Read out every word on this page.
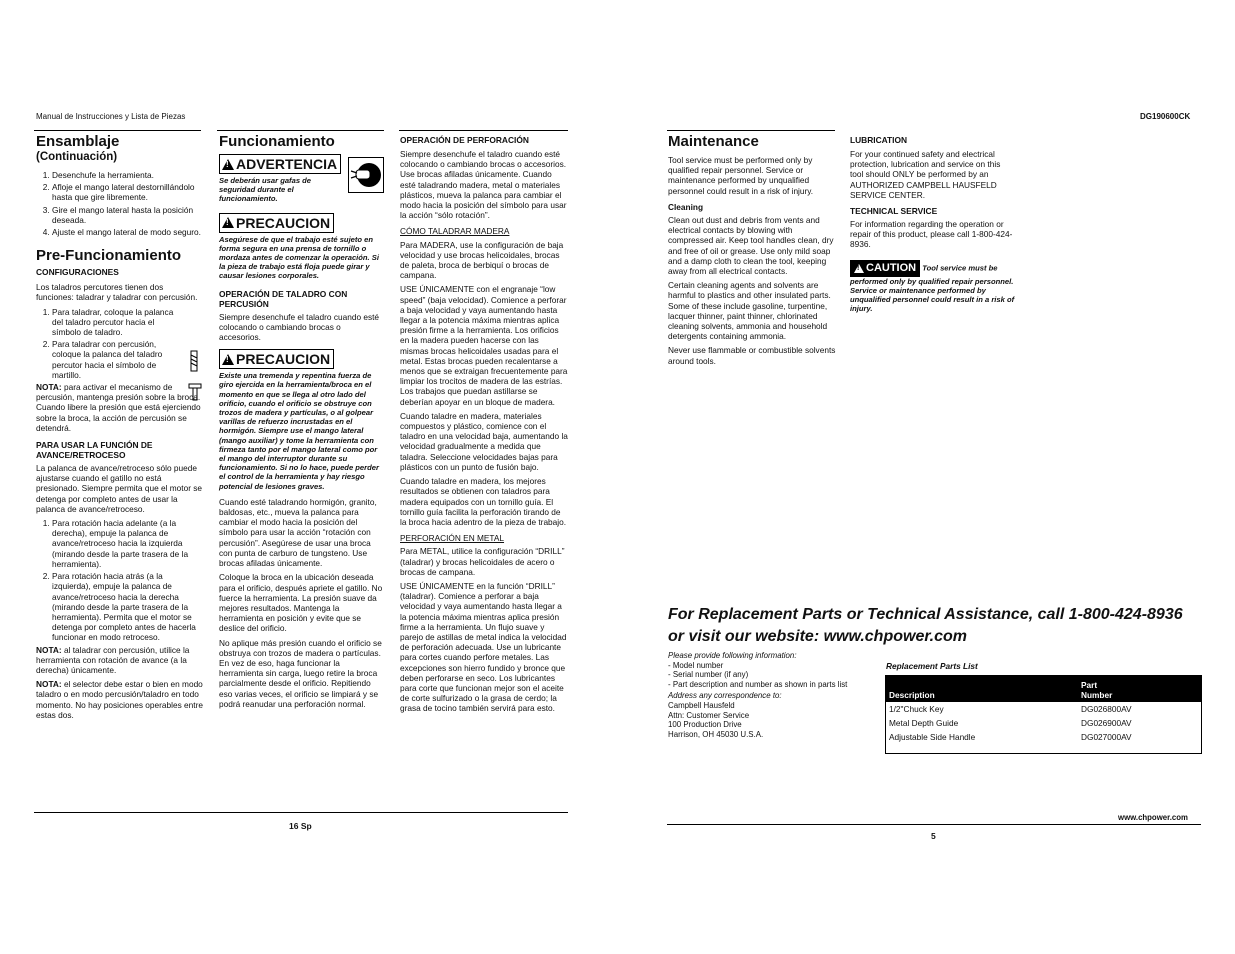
Manual de Instrucciones y Lista de Piezas	DG190600CK
Ensamblaje
(Continuación)
1. Desenchufe la herramienta.
2. Afloje el mango lateral destornillándolo hasta que gire libremente.
3. Gire el mango lateral hasta la posición deseada.
4. Ajuste el mango lateral de modo seguro.
Pre-Funcionamiento
CONFIGURACIONES

Los taladros percutores tienen dos funciones: taladrar y taladrar con percusión.

1. Para taladrar, coloque la palanca del taladro percutor hacia el símbolo de taladro.
2. Para taladrar con percusión, coloque la palanca del taladro percutor hacia el símbolo de martillo.

NOTA: para activar el mecanismo de percusión, mantenga presión sobre la broca. Cuando libere la presión que está ejerciendo sobre la broca, la acción de percusión se detendrá.

PARA USAR LA FUNCIÓN DE AVANCE/RETROCESO

La palanca de avance/retroceso sólo puede ajustarse cuando el gatillo no está presionado. Siempre permita que el motor se detenga por completo antes de usar la palanca de avance/retroceso.

1. Para rotación hacia adelante (a la derecha), empuje la palanca de avance/retroceso hacia la izquierda (mirando desde la parte trasera de la herramienta).
2. Para rotación hacia atrás (a la izquierda), empuje la palanca de avance/retroceso hacia la derecha (mirando desde la parte trasera de la herramienta). Permita que el motor se detenga por completo antes de hacerla funcionar en modo retroceso.

NOTA: al taladrar con percusión, utilice la herramienta con rotación de avance (a la derecha) únicamente.

NOTA: el selector debe estar o bien en modo taladro o en modo percusión/taladro en todo momento. No hay posiciones operables entre estas dos.

Funcionamiento
!
ADVERTENCIA
Se deberán usar gafas de seguridad durante el funcionamiento.
!
PRECAUCION
Asegúrese de que el trabajo esté sujeto en forma segura en una prensa de tornillo o mordaza antes de comenzar la operación. Si la pieza de trabajo está floja puede girar y causar lesiones corporales.
OPERACIÓN DE TALADRO CON PERCUSIÓN

Siempre desenchufe el taladro cuando esté colocando o cambiando brocas o accesorios.

!
PRECAUCION
Existe una tremenda y repentina fuerza de giro ejercida en la herramienta/broca en el momento en que se llega al otro lado del orificio, cuando el orificio se obstruye con trozos de madera y partículas, o al golpear varillas de refuerzo incrustadas en el hormigón. Siempre use el mango lateral (mango auxiliar) y tome la herramienta con firmeza tanto por el mango lateral como por el mango del interruptor durante su funcionamiento. Si no lo hace, puede perder el control de la herramienta y hay riesgo potencial de lesiones graves.

Cuando esté taladrando hormigón, granito, baldosas, etc., mueva la palanca para cambiar el modo hacia la posición del símbolo para usar la acción “rotación con percusión”. Asegúrese de usar una broca con punta de carburo de tungsteno. Use brocas afiladas únicamente.

Coloque la broca en la ubicación deseada para el orificio, después apriete el gatillo. No fuerce la herramienta. La presión suave da mejores resultados. Mantenga la herramienta en posición y evite que se deslice del orificio.

No aplique más presión cuando el orificio se obstruya con trozos de madera o partículas. En vez de eso, haga funcionar la herramienta sin carga, luego retire la broca parcialmente desde el orificio. Repitiendo eso varias veces, el orificio se limpiará y se podrá reanudar una perforación normal.

OPERACIÓN DE PERFORACIÓN

Siempre desenchufe el taladro cuando esté colocando o cambiando brocas o accesorios. Use brocas afiladas únicamente. Cuando esté taladrando madera, metal o materiales plásticos, mueva la palanca para cambiar el modo hacia la posición del símbolo para usar la acción “sólo rotación”.

CÓMO TALADRAR MADERA

Para MADERA, use la configuración de baja velocidad y use brocas helicoidales, brocas de paleta, broca de berbiquí o brocas de campana.

USE ÚNICAMENTE con el engranaje “low speed” (baja velocidad). Comience a perforar a baja velocidad y vaya aumentando hasta llegar a la potencia máxima mientras aplica presión firme a la herramienta. Los orificios en la madera pueden hacerse con las mismas brocas helicoidales usadas para el metal. Estas brocas pueden recalentarse a menos que se extraigan frecuentemente para limpiar los trocitos de madera de las estrías. Los trabajos que puedan astillarse se deberían apoyar en un bloque de madera.

Cuando taladre en madera, materiales compuestos y plástico, comience con el taladro en una velocidad baja, aumentando la velocidad gradualmente a medida que taladra. Seleccione velocidades bajas para plásticos con un punto de fusión bajo.

Cuando taladre en madera, los mejores resultados se obtienen con taladros para madera equipados con un tornillo guía. El tornillo guía facilita la perforación tirando de la broca hacia adentro de la pieza de trabajo.

PERFORACIÓN EN METAL

Para METAL, utilice la configuración “DRILL” (taladrar) y brocas helicoidales de acero o brocas de campana.

USE ÚNICAMENTE en la función “DRILL” (taladrar). Comience a perforar a baja velocidad y vaya aumentando hasta llegar a la potencia máxima mientras aplica presión firme a la herramienta. Un flujo suave y parejo de astillas de metal indica la velocidad de perforación adecuada. Use un lubricante para cortes cuando perfore metales. Las excepciones son hierro fundido y bronce que deben perforarse en seco. Los lubricantes para corte que funcionan mejor son el aceite de corte sulfurizado o la grasa de cerdo; la grasa de tocino también servirá para esto.

16 Sp
Maintenance

Tool service must be performed only by qualified repair personnel. Service or maintenance performed by unqualified personnel could result in a risk of injury.

Cleaning

Clean out dust and debris from vents and electrical contacts by blowing with compressed air. Keep tool handles clean, dry and free of oil or grease. Use only mild soap and a damp cloth to clean the tool, keeping away from all electrical contacts.

Certain cleaning agents and solvents are harmful to plastics and other insulated parts. Some of these include gasoline, turpentine, lacquer thinner, paint thinner, chlorinated cleaning solvents, ammonia and household detergents containing ammonia.

Never use flammable or combustible solvents around tools.

LUBRICATION

For your continued safety and electrical protection, lubrication and service on this tool should ONLY be performed by an AUTHORIZED CAMPBELL HAUSFELD SERVICE CENTER.

TECHNICAL SERVICE

For information regarding the operation or repair of this product, please call 1-800-424-8936.

!
CAUTION Tool service must be performed only by qualified repair personnel. Service or maintenance performed by unqualified personnel could result in a risk of injury.
For Replacement Parts or Technical Assistance, call 1-800-424-8936
or visit our website: www.chpower.com
Please provide following information:
- Model number
- Serial number (if any)
- Part description and number as shown in parts list
Address any correspondence to:
Campbell Hausfeld
Attn: Customer Service
100 Production Drive
Harrison, OH 45030 U.S.A.
Replacement Parts List
Description	Part
Number
1/2"Chuck Key	DG026800AV
Metal Depth Guide	DG026900AV
Adjustable Side Handle	DG027000AV
www.chpower.com
5
